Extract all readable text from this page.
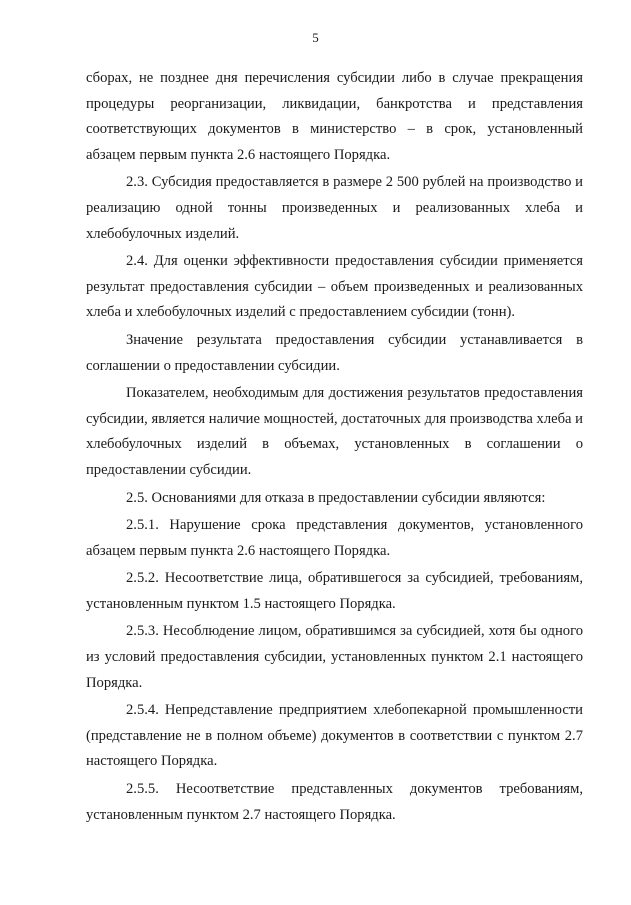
5

сборах, не позднее дня перечисления субсидии либо в случае прекращения процедуры реорганизации, ликвидации, банкротства и представления соответствующих документов в министерство – в срок, установленный абзацем первым пункта 2.6 настоящего Порядка.

2.3. Субсидия предоставляется в размере 2 500 рублей на производство и реализацию одной тонны произведенных и реализованных хлеба и хлебобулочных изделий.

2.4. Для оценки эффективности предоставления субсидии применяется результат предоставления субсидии – объем произведенных и реализованных хлеба и хлебобулочных изделий с предоставлением субсидии (тонн).

Значение результата предоставления субсидии устанавливается в соглашении о предоставлении субсидии.

Показателем, необходимым для достижения результатов предоставления субсидии, является наличие мощностей, достаточных для производства хлеба и хлебобулочных изделий в объемах, установленных в соглашении о предоставлении субсидии.

2.5. Основаниями для отказа в предоставлении субсидии являются:

2.5.1. Нарушение срока представления документов, установленного абзацем первым пункта 2.6 настоящего Порядка.

2.5.2. Несоответствие лица, обратившегося за субсидией, требованиям, установленным пунктом 1.5 настоящего Порядка.

2.5.3. Несоблюдение лицом, обратившимся за субсидией, хотя бы одного из условий предоставления субсидии, установленных пунктом 2.1 настоящего Порядка.

2.5.4. Непредставление предприятием хлебопекарной промышленности (представление не в полном объеме) документов в соответствии с пунктом 2.7 настоящего Порядка.

2.5.5. Несоответствие представленных документов требованиям, установленным пунктом 2.7 настоящего Порядка.
